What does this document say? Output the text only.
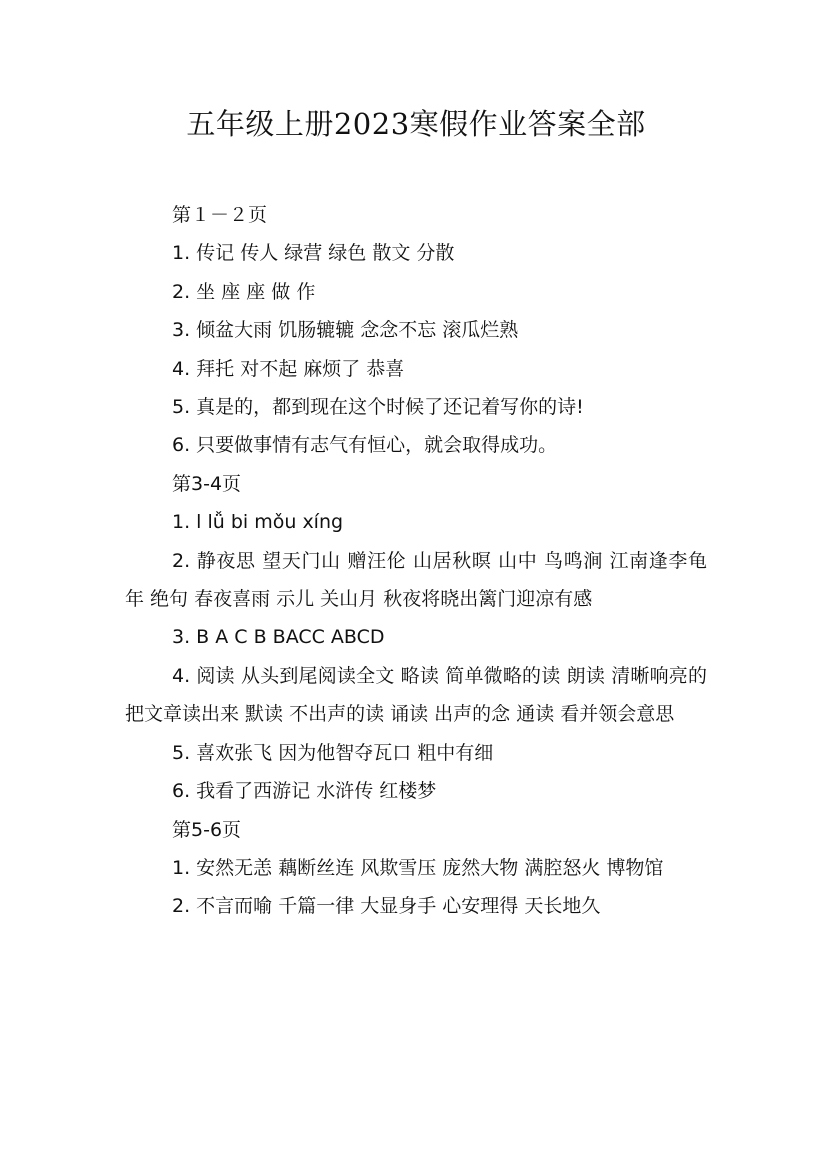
五年级上册2023寒假作业答案全部

第１－２页

1. 传记 传人 绿营 绿色 散文 分散

2. 坐 座 座 做 作

3. 倾盆大雨 饥肠辘辘 念念不忘 滚瓜烂熟

4. 拜托 对不起 麻烦了 恭喜

5. 真是的，都到现在这个时候了还记着写你的诗!

6. 只要做事情有志气有恒心，就会取得成功。

第3-4页

1. l lǚ bi mǒu xíng

2. 静夜思 望天门山 赠汪伦 山居秋暝 山中 鸟鸣涧 江南逢李龟年 绝句 春夜喜雨 示儿 关山月 秋夜将晓出篱门迎凉有感

3. B A C B BACC ABCD

4. 阅读 从头到尾阅读全文 略读 简单微略的读 朗读 清晰响亮的把文章读出来 默读 不出声的读 诵读 出声的念 通读 看并领会意思

5. 喜欢张飞 因为他智夺瓦口 粗中有细

6. 我看了西游记 水浒传 红楼梦

第5-6页

1. 安然无恙 藕断丝连 风欺雪压 庞然大物 满腔怒火 博物馆

2. 不言而喻 千篇一律 大显身手 心安理得 天长地久
